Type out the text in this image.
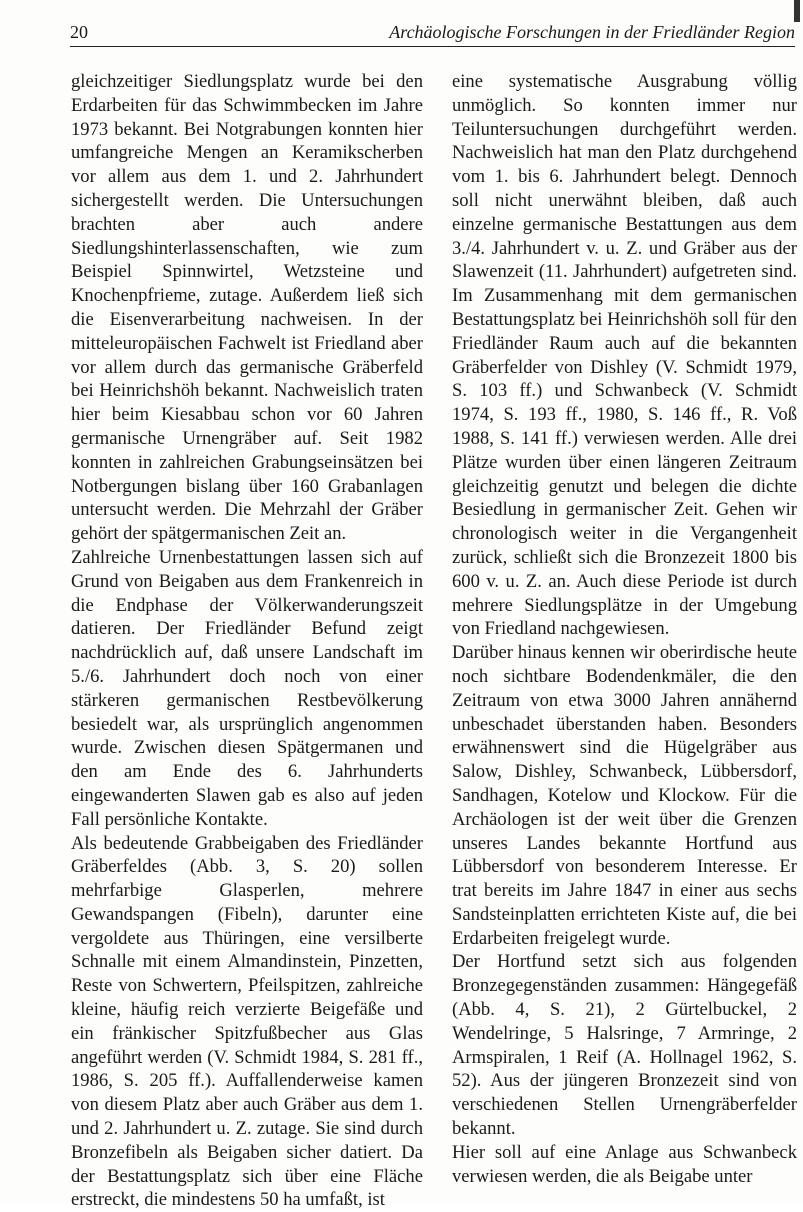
20	Archäologische Forschungen in der Friedländer Region

gleichzeitiger Siedlungsplatz wurde bei den Erdarbeiten für das Schwimmbecken im Jahre 1973 bekannt. Bei Notgrabungen konnten hier umfangreiche Mengen an Keramikscherben vor allem aus dem 1. und 2. Jahrhundert sichergestellt werden. Die Untersuchungen brachten aber auch andere Siedlungshinterlassenschaften, wie zum Beispiel Spinnwirtel, Wetzsteine und Knochenpfrieme, zutage. Außerdem ließ sich die Eisenverarbeitung nachweisen. In der mitteleuropäischen Fachwelt ist Friedland aber vor allem durch das germanische Gräberfeld bei Heinrichshöh bekannt. Nachweislich traten hier beim Kiesabbau schon vor 60 Jahren germanische Urnengräber auf. Seit 1982 konnten in zahlreichen Grabungseinsätzen bei Notbergungen bislang über 160 Grabanlagen untersucht werden. Die Mehrzahl der Gräber gehört der spätgermanischen Zeit an.

Zahlreiche Urnenbestattungen lassen sich auf Grund von Beigaben aus dem Frankenreich in die Endphase der Völkerwanderungszeit datieren. Der Friedländer Befund zeigt nachdrücklich auf, daß unsere Landschaft im 5./6. Jahrhundert doch noch von einer stärkeren germanischen Restbevölkerung besiedelt war, als ursprünglich angenommen wurde. Zwischen diesen Spätgermanen und den am Ende des 6. Jahrhunderts eingewanderten Slawen gab es also auf jeden Fall persönliche Kontakte.

Als bedeutende Grabbeigaben des Friedländer Gräberfeldes (Abb. 3, S. 20) sollen mehrfarbige Glasperlen, mehrere Gewandspangen (Fibeln), darunter eine vergoldete aus Thüringen, eine versilberte Schnalle mit einem Almandinstein, Pinzetten, Reste von Schwertern, Pfeilspitzen, zahlreiche kleine, häufig reich verzierte Beigefäße und ein fränkischer Spitzfußbecher aus Glas angeführt werden (V. Schmidt 1984, S. 281 ff., 1986, S. 205 ff.). Auffallenderweise kamen von diesem Platz aber auch Gräber aus dem 1. und 2. Jahrhundert u. Z. zutage. Sie sind durch Bronzefibeln als Beigaben sicher datiert. Da der Bestattungsplatz sich über eine Fläche erstreckt, die mindestens 50 ha umfaßt, ist

eine systematische Ausgrabung völlig unmöglich. So konnten immer nur Teiluntersuchungen durchgeführt werden. Nachweislich hat man den Platz durchgehend vom 1. bis 6. Jahrhundert belegt. Dennoch soll nicht unerwähnt bleiben, daß auch einzelne germanische Bestattungen aus dem 3./4. Jahrhundert v. u. Z. und Gräber aus der Slawenzeit (11. Jahrhundert) aufgetreten sind. Im Zusammenhang mit dem germanischen Bestattungsplatz bei Heinrichshöh soll für den Friedländer Raum auch auf die bekannten Gräberfelder von Dishley (V. Schmidt 1979, S. 103 ff.) und Schwanbeck (V. Schmidt 1974, S. 193 ff., 1980, S. 146 ff., R. Voß 1988, S. 141 ff.) verwiesen werden. Alle drei Plätze wurden über einen längeren Zeitraum gleichzeitig genutzt und belegen die dichte Besiedlung in germanischer Zeit. Gehen wir chronologisch weiter in die Vergangenheit zurück, schließt sich die Bronzezeit 1800 bis 600 v. u. Z. an. Auch diese Periode ist durch mehrere Siedlungsplätze in der Umgebung von Friedland nachgewiesen.

Darüber hinaus kennen wir oberirdische heute noch sichtbare Bodendenkmäler, die den Zeitraum von etwa 3000 Jahren annähernd unbeschadet überstanden haben. Besonders erwähnenswert sind die Hügelgräber aus Salow, Dishley, Schwanbeck, Lübbersdorf, Sandhagen, Kotelow und Klockow. Für die Archäologen ist der weit über die Grenzen unseres Landes bekannte Hortfund aus Lübbersdorf von besonderem Interesse. Er trat bereits im Jahre 1847 in einer aus sechs Sandsteinplatten errichteten Kiste auf, die bei Erdarbeiten freigelegt wurde.

Der Hortfund setzt sich aus folgenden Bronzegegenständen zusammen: Hängegefäß (Abb. 4, S. 21), 2 Gürtelbuckel, 2 Wendelringe, 5 Halsringe, 7 Armringe, 2 Armspiralen, 1 Reif (A. Hollnagel 1962, S. 52). Aus der jüngeren Bronzezeit sind von verschiedenen Stellen Urnengräberfelder bekannt.

Hier soll auf eine Anlage aus Schwanbeck verwiesen werden, die als Beigabe unter
